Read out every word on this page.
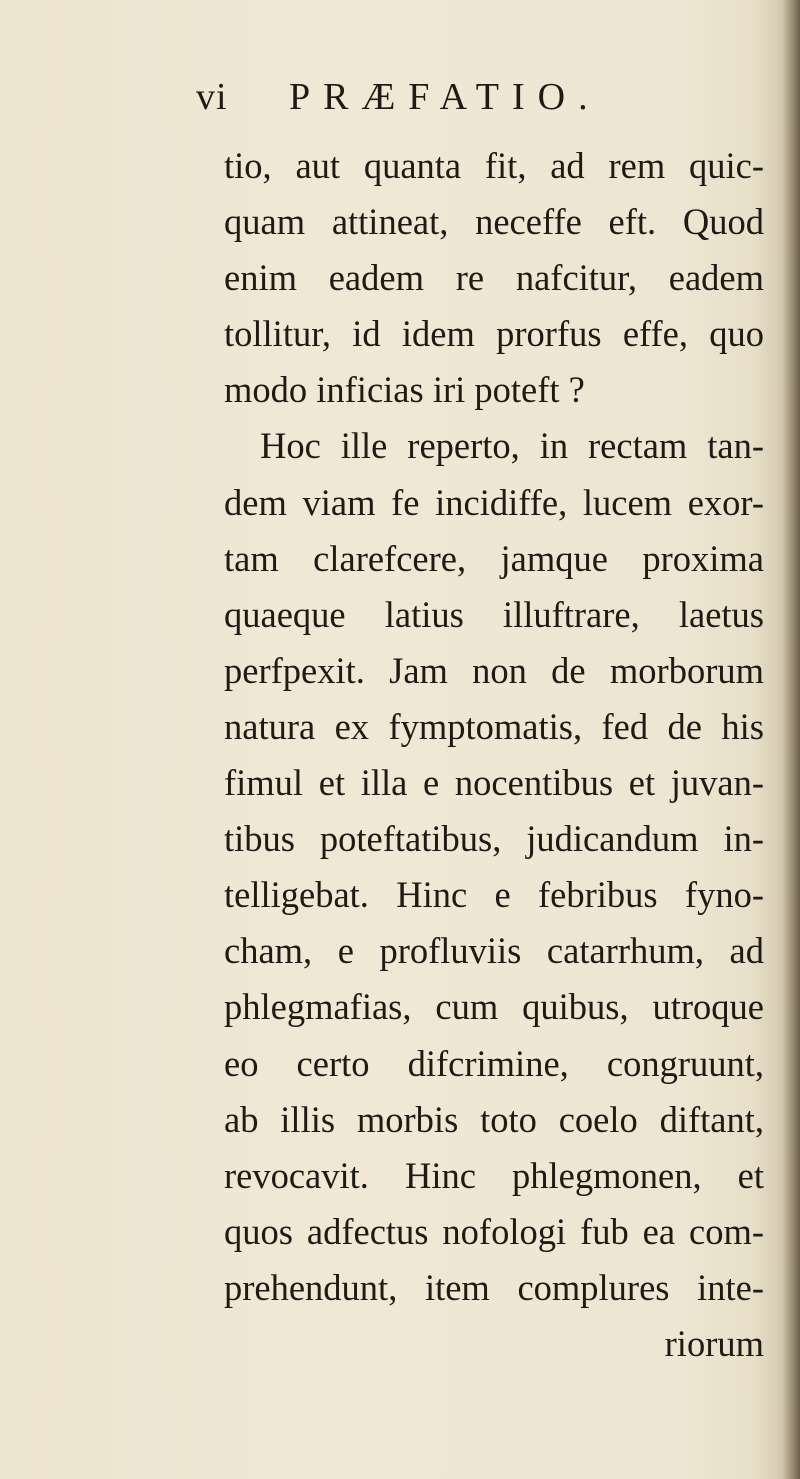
vi PRÆFATIO.
tio, aut quanta fit, ad rem quic-
quam attineat, neceffe eft. Quod
enim eadem re nafcitur, eadem
tollitur, id idem prorfus effe, quo
modo inficias iri poteft ?
Hoc ille reperto, in rectam tan-
dem viam fe incidiffe, lucem exor-
tam clarefcere, jamque proxima
quaeque latius illuftrare, laetus
perfpexit. Jam non de morborum
natura ex fymptomatis, fed de his
fimul et illa e nocentibus et juvan-
tibus poteftatibus, judicandum in-
telligebat. Hinc e febribus fyno-
cham, e profluviis catarrhum, ad
phlegmafias, cum quibus, utroque
eo certo difcrimine, congruunt,
ab illis morbis toto coelo diftant,
revocavit. Hinc phlegmonen, et
quos adfectus nofologi fub ea com-
prehendunt, item complures inte-
riorum
